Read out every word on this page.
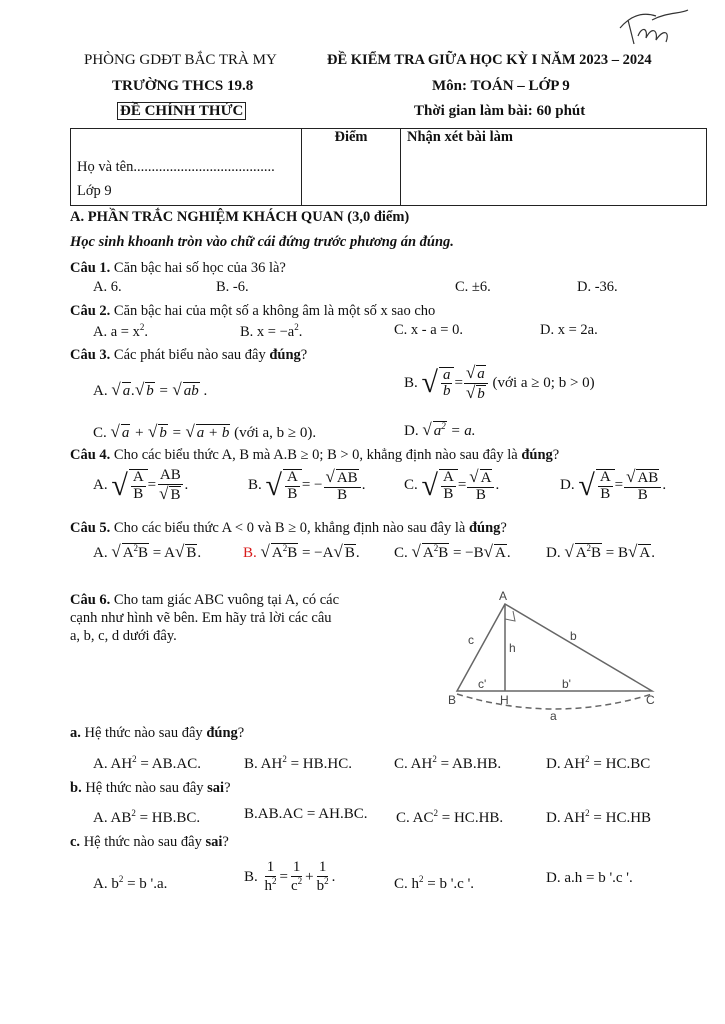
PHÒNG GDĐT BẮC TRÀ MY
TRƯỜNG THCS 19.8
ĐỀ CHÍNH THỨC
ĐỀ KIỂM TRA GIỮA HỌC KỲ I NĂM 2023 – 2024
Môn: TOÁN – LỚP 9
Thời gian làm bài: 60 phút
Họ và tên.......................................
Lớp 9
	Điểm	Nhận xét bài làm
A. PHẦN TRẮC NGHIỆM KHÁCH QUAN (3,0 điểm)
Học sinh khoanh tròn vào chữ cái đứng trước phương án đúng.
Câu 1. Căn bậc hai số học của 36 là?
A. 6.	B. -6.	C. ±6.	D. -36.
Câu 2. Căn bậc hai của một số a không âm là một số x sao cho
A. $a = x^2$.	B. $x = -a^2$.	C. x - a = 0.	D. x = 2a.
Câu 3. Các phát biểu nào sau đây đúng?
A. √ a.√ b = √ ab .
B.
√ $\frac{a}{b} = \frac{√ a}{√ b}$
(với a ≥ 0; b > 0)
C. √ a + √ b = √ a + b (với a, b ≥ 0).	D. √ $a^2 = a$.
Câu 4. Cho các biểu thức A, B mà A.B ≥ 0; B > 0, khẳng định nào sau đây là đúng?
A.
√ $\frac{A}{B} = \frac{AB}{√ B}$ .	B.
√ $\frac{A}{B}$ = − $\frac{√ AB}{B}$ .	C.
√ $\frac{A}{B} = \frac{√ A}{B}$ .	D.
√ $\frac{A}{B} = \frac{√ AB}{B}$ .
Câu 5. Cho các biểu thức A < 0 và B ≥ 0, khẳng định nào sau đây là đúng?
A. √ $A^2B = A√$ B.	B. √ $A^2B = -A√$ B. C. √ $A^2B = -B√$ A. D. √ $A^2B = B√$ A.
Câu 6. Cho tam giác ABC vuông tại A, có các
cạnh như hình vẽ bên. Em hãy trả lời các câu
a, b, c, d dưới đây.
A
B	C
H
c	b
h
c'	b'
a
a. Hệ thức nào sau đây đúng?
A. $AH^2 = AB.AC$.	B. $AH^2 = HB.HC$.	C. $AH^2 = AB.HB$.	D. $AH^2 = HC.BC$
b. Hệ thức nào sau đây sai?
A. $AB^2 = HB.BC$.	B.AB.AC = AH.BC. C. $AC^2 = HC.HB$.	D. $AH^2 = HC.HB$
c. Hệ thức nào sau đây sai?
A. $b^2 = b$ '.a.	B.
$\frac{1}{h^2} = \frac{1}{c^2} + \frac{1}{b^2}$ .	C. $h^2 = b$ '.c '.	D. a.h = b '.c '.
